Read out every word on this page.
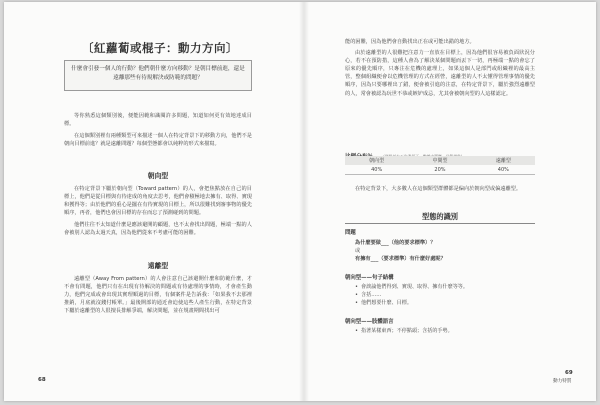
〔紅蘿蔔或棍子：動力方向〕
什麼會引發一個人的行動？他們朝什麼方向移動？是朝目標前進，還是遠離那些有待規解決或防範的問題？

等你熟悉這個類別後，便能因範和識閱許多問題，知道如何更有效地達成目標。

在這個類別裡有兩種類型可來描述一個人在特定背景下的移動方向，他們不是朝向目標前進？就是遠離問題？每個型態都會以純粹的形式來描寫。

朝向型

在特定背景下屬於朝向型（Toward pattern）的人，會把焦點放在自己的目標上，他們是從目標與有待達成的角度去思考，他們會積極地去擁有、取得、實現和獲得等；由於他們的重心是擺在有待實現的目標上，所以很難找到審事物的優先順序，再者，他們也會因目標的存在而忘了預測碰到的問題。

他們往往不太知道什麼是應該避開的顧題，也不太會找出問題，極端一點的人會被別人認為太過天真，因為他們從來不考慮可能的困難。

遠離型

遠離型（Away From pattern）的人會注意自己該避開什麼和防範什麼，才不會有問題，他們只有在出現有待解決的問題或有待處理的事情時，才會產生動力，他們完成或會出現其實理順過的目標，有個案件是告訴我：「如果我不去那裡推銷，月底就沒錢付帳單。」最後開部的通近會迫使這些人產生行動，在特定背景下屬於遠離型的人很擅長排解爭端，解決問題，並在規畫期間找出可

68

能的困難，因為他們會自動找出正在或可能出錯的地方。

由於遠離型的人很難把注意力一直放在目標上，因為他們很容易被負面狀況分心，若不在預防措，這種人會為了解決某個問題而丟下一切，再極端一點的會忘了原來的優先順序，只專注在危機的處理上，如果這個人是部門或組織裡的最高主管，整個組織便會以危機管理的方式在經營，遠離型的人不太懂得管理事情的優先順序，因為只要哪裡出了錯，便會被引進的注意，在特定背景下，屬於強烈遠離型的人，常會被認為玩世不恭或嫉妒成忌，尤其會被朝向型的人這樣認定。

朝向型	中間型	遠離型
40%	20%	40%

在特定背景下，大多數人在這個類型群體都是偏向於朝向型或偏遠離型。

型態的識別
問題
為什麼要做___（他的要求標準）？
或
有擁有___（要求標準）有什麼好處呢？
朝向型——句子結構
• 會談論他們得到、實現、取得、擁有什麼等等。
• 含括……
• 他們想要什麼、目標。
朝向型——肢體語言
• 指著某樣東西；不停點頭；含括的手勢。
69
動力特質
